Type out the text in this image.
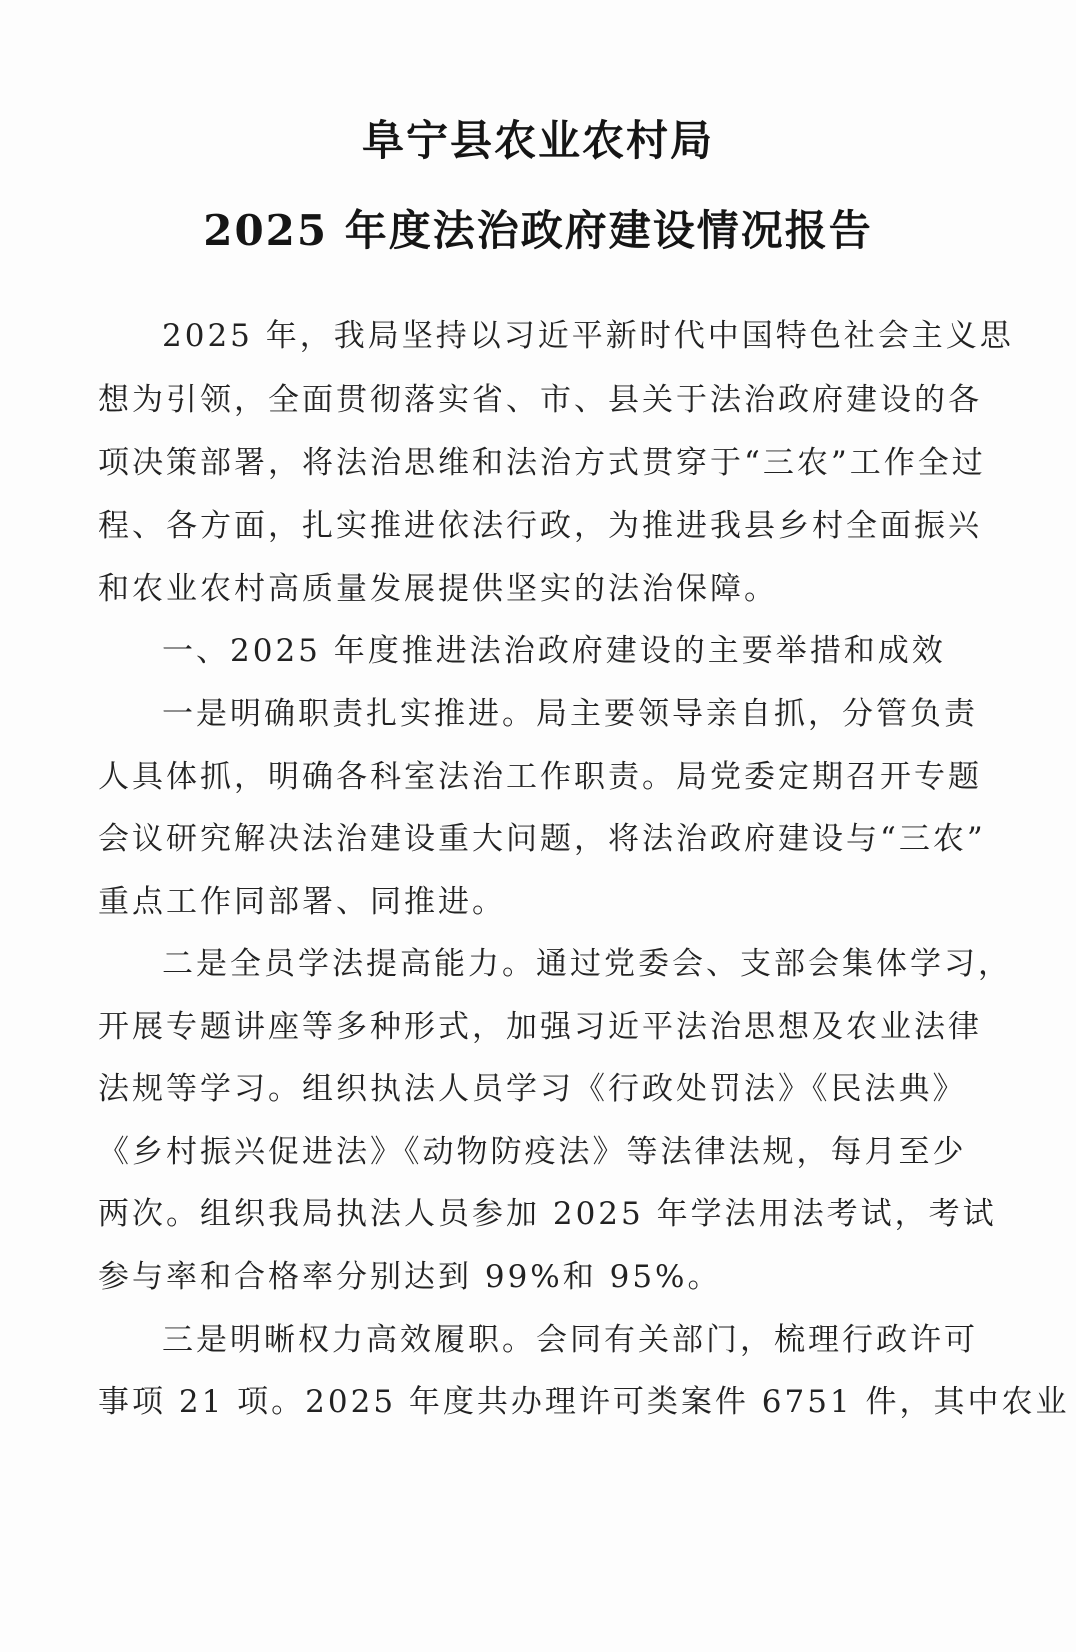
阜宁县农业农村局
2025 年度法治政府建设情况报告
2025 年，我局坚持以习近平新时代中国特色社会主义思
想为引领，全面贯彻落实省、市、县关于法治政府建设的各
项决策部署，将法治思维和法治方式贯穿于“三农”工作全过
程、各方面，扎实推进依法行政，为推进我县乡村全面振兴
和农业农村高质量发展提供坚实的法治保障。
一、2025 年度推进法治政府建设的主要举措和成效
一是明确职责扎实推进。局主要领导亲自抓，分管负责
人具体抓，明确各科室法治工作职责。局党委定期召开专题
会议研究解决法治建设重大问题，将法治政府建设与“三农”
重点工作同部署、同推进。
二是全员学法提高能力。通过党委会、支部会集体学习，
开展专题讲座等多种形式，加强习近平法治思想及农业法律
法规等学习。组织执法人员学习《行政处罚法》《民法典》
《乡村振兴促进法》《动物防疫法》等法律法规，每月至少
两次。组织我局执法人员参加 2025 年学法用法考试，考试
参与率和合格率分别达到 99%和 95%。
三是明晰权力高效履职。会同有关部门，梳理行政许可
事项 21 项。2025 年度共办理许可类案件 6751 件，其中农业
